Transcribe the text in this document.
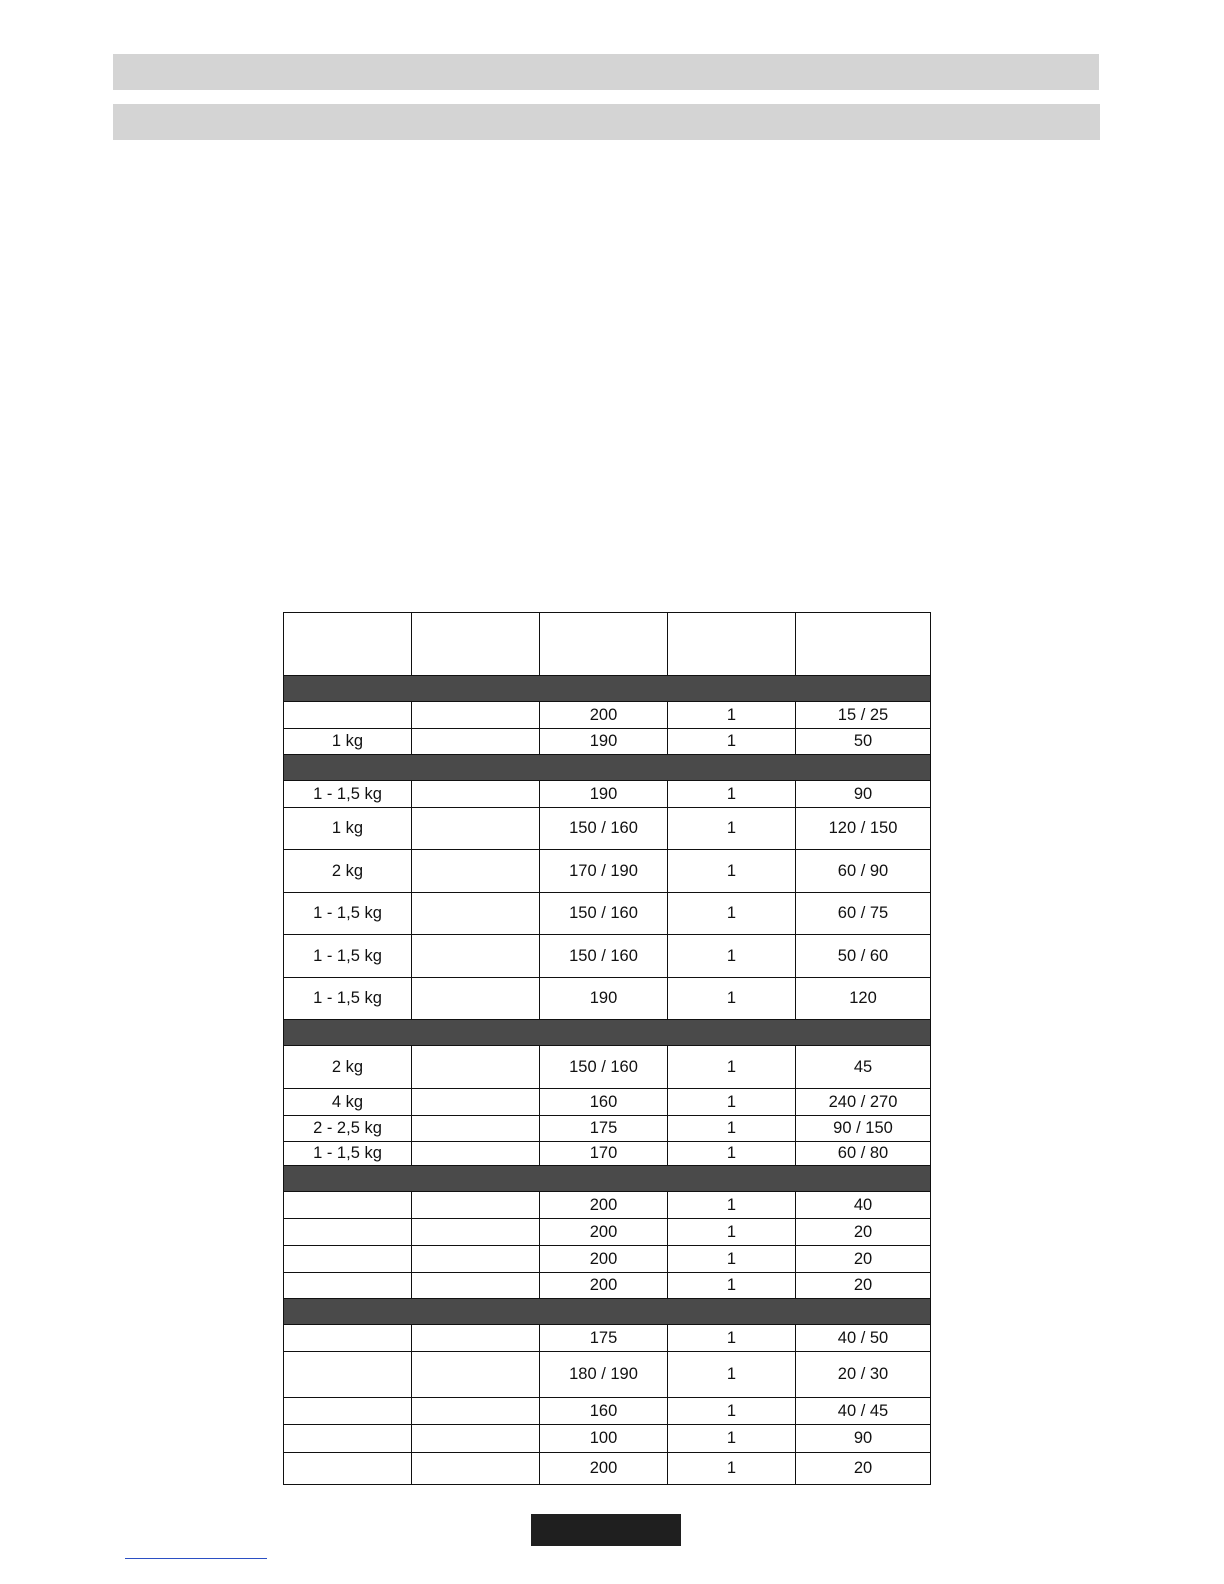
		200	1	15 / 25
1 kg		190	1	50

1 - 1,5 kg		190	1	90
1 kg		150 / 160	1	120 / 150
2 kg		170 / 190	1	60 / 90
1 - 1,5 kg		150 / 160	1	60 / 75
1 - 1,5 kg		150 / 160	1	50 / 60
1 - 1,5 kg		190	1	120

2 kg		150 / 160	1	45
4 kg		160	1	240 / 270
2 - 2,5 kg		175	1	90 / 150
1 - 1,5 kg		170	1	60 / 80

		200	1	40
		200	1	20
		200	1	20
		200	1	20

		175	1	40 / 50
		180 / 190	1	20 / 30
		160	1	40 / 45
		100	1	90
		200	1	20
